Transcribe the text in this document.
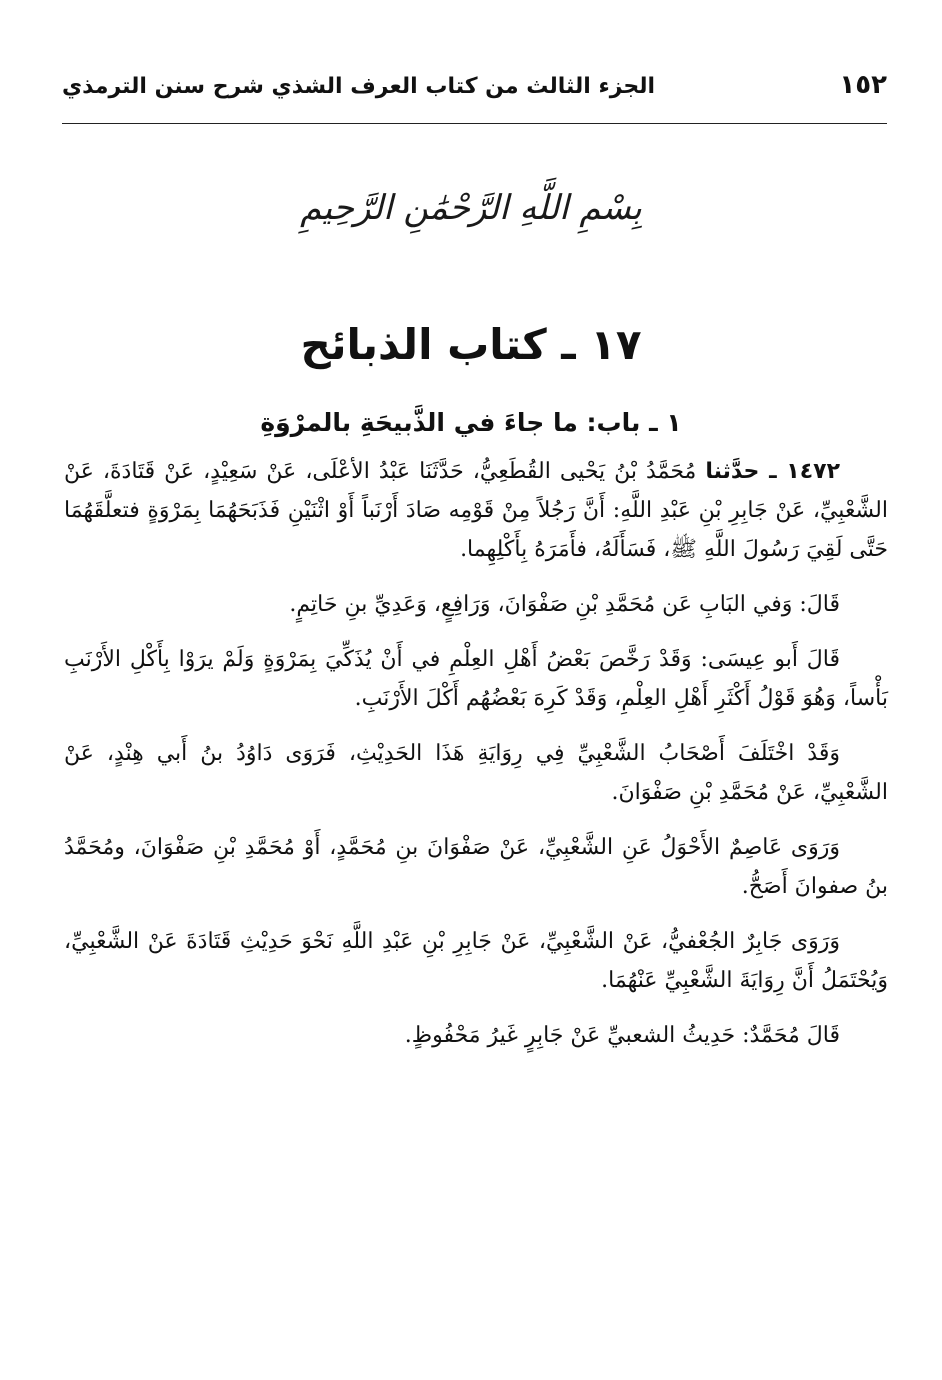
١٥٢
الجزء الثالث من كتاب العرف الشذي شرح سنن الترمذي
بِسْمِ اللَّهِ الرَّحْمَٰنِ الرَّحِيمِ
١٧ ـ كتاب الذبائح
١ ـ باب: ما جاءَ في الذَّبيحَةِ بالمرْوَةِ

١٤٧٢ ـ حدَّثنا مُحَمَّدُ بْنُ يَحْيى القُطَعِيُّ، حَدَّثَنَا عَبْدُ الأعْلَى، عَنْ سَعِيْدٍ، عَنْ قَتَادَةَ، عَنْ الشَّعْبِيِّ، عَنْ جَابِرِ بْنِ عَبْدِ اللَّهِ: أَنَّ رَجُلاً مِنْ قَوْمِه صَادَ أَرْنَباً أَوْ اثْنَيْنِ فَذَبَحَهُمَا بِمَرْوَةٍ فتعلَّقَهُمَا حَتَّى لَقِيَ رَسُولَ اللَّهِ ﷺ، فَسَأَلَهُ، فأَمَرَهُ بِأَكْلِهِما.

قَالَ: وَفي البَابِ عَن مُحَمَّدِ بْنِ صَفْوَانَ، وَرَافِعٍ، وَعَدِيِّ بنِ حَاتِمٍ.

قَالَ أَبو عِيسَى: وَقَدْ رَخَّصَ بَعْضُ أَهْلِ العِلْمِ في أَنْ يُذَكِّيَ بِمَرْوَةٍ وَلَمْ يرَوْا بِأَكْلِ الأَرْنَبِ بَأْساً، وَهُوَ قَوْلُ أَكْثَرِ أَهْلِ العِلْمِ، وَقَدْ كَرِهَ بَعْضُهُم أَكْلَ الأَرْنَبِ.

وَقَدْ اخْتَلَفَ أَصْحَابُ الشَّعْبِيِّ فِي رِوَايَةِ هَذَا الحَدِيْثِ، فَرَوَى دَاوُدُ بنُ أَبي هِنْدٍ، عَنْ الشَّعْبِيِّ، عَنْ مُحَمَّدِ بْنِ صَفْوَانَ.

وَرَوَى عَاصِمٌ الأَحْوَلُ عَنِ الشَّعْبِيِّ، عَنْ صَفْوَانَ بنِ مُحَمَّدٍ، أَوْ مُحَمَّدِ بْنِ صَفْوَانَ، ومُحَمَّدُ بنُ صفوانَ أَصَحُّ.

وَرَوَى جَابِرٌ الجُعْفيُّ، عَنْ الشَّعْبِيِّ، عَنْ جَابِرِ بْنِ عَبْدِ اللَّهِ نَحْوَ حَدِيْثِ قَتَادَةَ عَنْ الشَّعْبِيِّ، وَيُحْتَمَلُ أَنَّ رِوَايَةَ الشَّعْبِيِّ عَنْهُمَا.

قَالَ مُحَمَّدٌ: حَدِيثُ الشعبيِّ عَنْ جَابِرٍ غَيرُ مَحْفُوظٍ.
